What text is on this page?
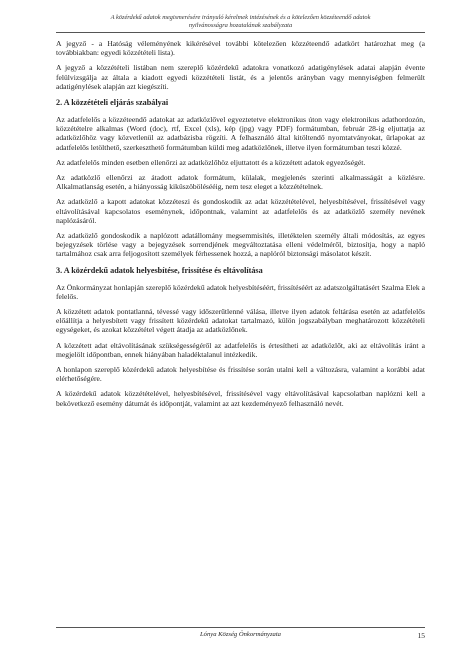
A közérdekű adatok megismerésére irányuló kérelmek intézésének és a kötelezően közzéteendő adatok
nyilvánosságra hozatalának szabályzata

A jegyző - a Hatóság véleményének kikérésével további kötelezően közzéteendő adatkört határozhat meg (a továbbiakban: egyedi közzétételi lista).

A jegyző a közzétételi listában nem szereplő közérdekű adatokra vonatkozó adatigénylések adatai alapján évente felülvizsgálja az általa a kiadott egyedi közzétételi listát, és a jelentős arányban vagy mennyiségben felmerült adatigénylések alapján azt kiegészíti.

2. A közzétételi eljárás szabályai

Az adatfelelős a közzéteendő adatokat az adatközlővel egyeztetetve elektronikus úton vagy elektronikus adathordozón, közzétételre alkalmas (Word (doc), rtf, Excel (xls), kép (jpg) vagy PDF) formátumban, február 28-ig eljuttatja az adatközlőhöz vagy közvetlenül az adatbázisba rögzíti. A felhasználó által kitöltendő nyomtatványokat, űrlapokat az adatfelelős letölthető, szerkeszthető formátumban küldi meg adatközlőnek, illetve ilyen formátumban teszi közzé.

Az adatfelelős minden esetben ellenőrzi az adatközlőhöz eljuttatott és a közzétett adatok egyezőségét.

Az adatközlő ellenőrzi az átadott adatok formátum, külalak, megjelenés szerinti alkalmasságát a közlésre. Alkalmatlanság esetén, a hiányosság kiküszöbölésééig, nem tesz eleget a közzétételnek.

Az adatközlő a kapott adatokat közzéteszi és gondoskodik az adat közzétételével, helyesbítésével, frissítésével vagy eltávolításával kapcsolatos eseménynek, időpontnak, valamint az adatfelelős és az adatközlő személy nevének naplózásáról.

Az adatközlő gondoskodik a naplózott adatállomány megsemmisítés, illetéktelen személy általi módosítás, az egyes bejegyzések törlése vagy a bejegyzések sorrendjének megváltoztatása elleni védelméről, biztosítja, hogy a napló tartalmához csak arra feljogosított személyek férhessenek hozzá, a naplóról biztonsági másolatot készít.

3. A közérdekű adatok helyesbítése, frissítése és eltávolítása

Az Önkormányzat honlapján szereplő közérdekű adatok helyesbítéséért, frissítéséért az adatszolgáltatásért Szalma Elek a felelős.

A közzétett adatok pontatlanná, tévessé vagy időszerűtlenné válása, illetve ilyen adatok feltárása esetén az adatfelelős előállítja a helyesbített vagy frissített közérdekű adatokat tartalmazó, külön jogszabályban meghatározott közzétételi egységeket, és azokat közzététel végett átadja az adatközlőnek.

A közzétett adat eltávolításának szükségességéről az adatfelelős is értesítheti az adatközlőt, aki az eltávolítás iránt a megjelölt időpontban, ennek hiányában haladéktalanul intézkedik.

A honlapon szereplő közérdekű adatok helyesbítése és frissítése során utalni kell a változásra, valamint a korábbi adat elérhetőségére.

A közérdekű adatok közzétételével, helyesbítésével, frissítésével vagy eltávolításával kapcsolatban naplózni kell a bekövetkező esemény dátumát és időpontját, valamint az azt kezdeményező felhasználó nevét.

Lónya Község Önkormányzata	15
